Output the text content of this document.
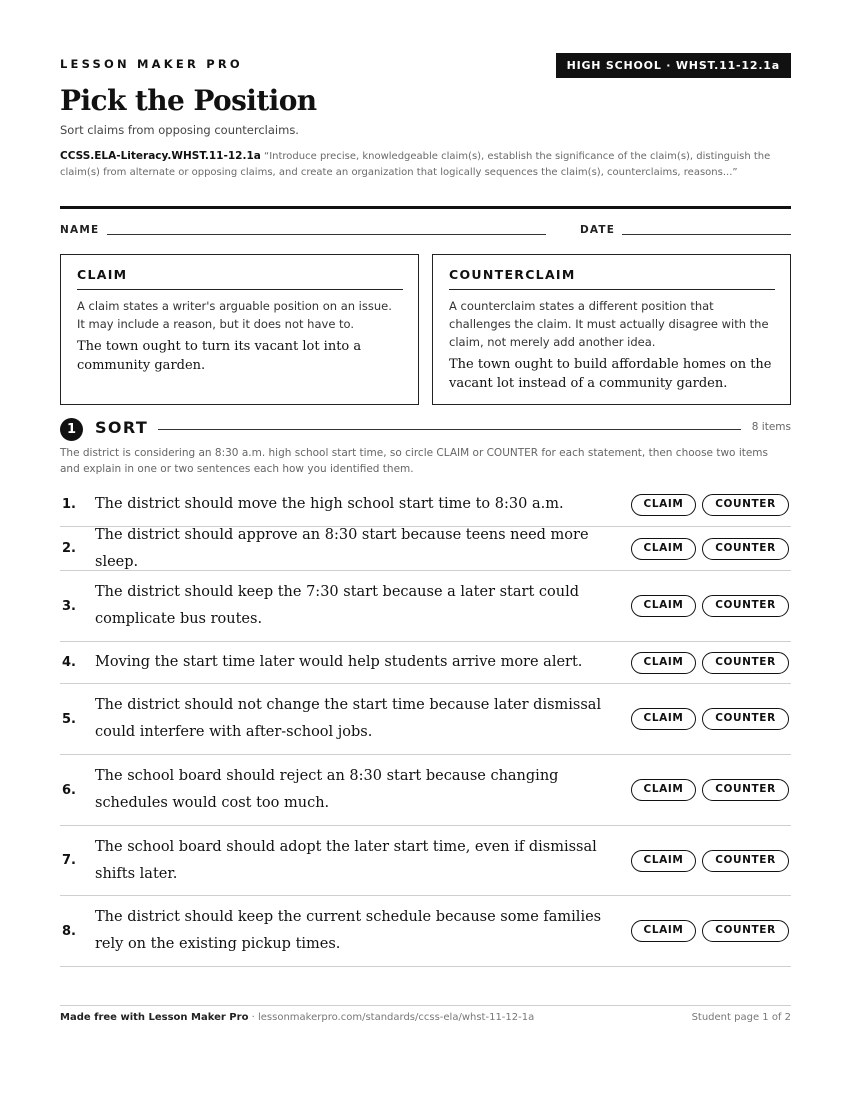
LESSON MAKER PRO	HIGH SCHOOL · WHST.11-12.1a
Pick the Position
Sort claims from opposing counterclaims.
CCSS.ELA-Literacy.WHST.11-12.1a “Introduce precise, knowledgeable claim(s), establish the significance of the claim(s), distinguish the claim(s) from alternate or opposing claims, and create an organization that logically sequences the claim(s), counterclaims, reasons...”
NAME	DATE
CLAIM
A claim states a writer's arguable position on an issue. It may include a reason, but it does not have to.
The town ought to turn its vacant lot into a community garden.
COUNTERCLAIM
A counterclaim states a different position that challenges the claim. It must actually disagree with the claim, not merely add another idea.
The town ought to build affordable homes on the vacant lot instead of a community garden.
1	SORT	8 items
The district is considering an 8:30 a.m. high school start time, so circle CLAIM or COUNTER for each statement, then choose two items and explain in one or two sentences each how you identified them.
1. The district should move the high school start time to 8:30 a.m.	CLAIM	COUNTER
2.
The district should approve an 8:30 start because teens need more sleep.
CLAIM	COUNTER
3.
The district should keep the 7:30 start because a later start could complicate bus routes.
CLAIM	COUNTER
4. Moving the start time later would help students arrive more alert.	CLAIM	COUNTER
5.
The district should not change the start time because later dismissal could interfere with after-school jobs.
CLAIM	COUNTER
6.
The school board should reject an 8:30 start because changing schedules would cost too much.
CLAIM	COUNTER
7.
The school board should adopt the later start time, even if dismissal shifts later.
CLAIM	COUNTER
8.
The district should keep the current schedule because some families rely on the existing pickup times.
CLAIM	COUNTER
Made free with Lesson Maker Pro · lessonmakerpro.com/standards/ccss-ela/whst-11-12-1a	Student page 1 of 2
